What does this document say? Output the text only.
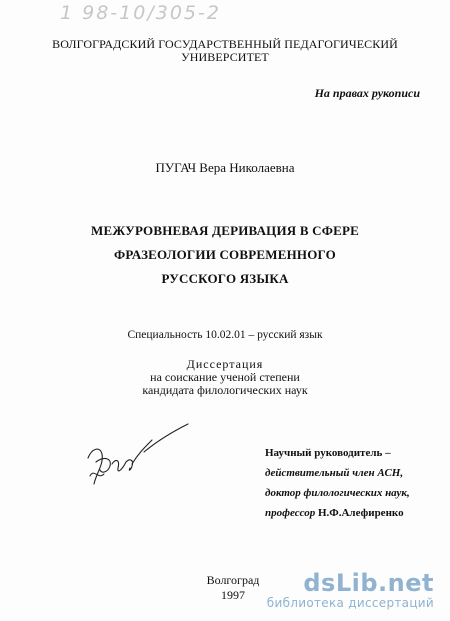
1 98-10/305-2
ВОЛГОГРАДСКИЙ ГОСУДАРСТВЕННЫЙ ПЕДАГОГИЧЕСКИЙ
УНИВЕРСИТЕТ
На правах рукописи
ПУГАЧ Вера Николаевна
МЕЖУРОВНЕВАЯ ДЕРИВАЦИЯ В СФЕРЕ
ФРАЗЕОЛОГИИ СОВРЕМЕННОГО
РУССКОГО ЯЗЫКА
Специальность 10.02.01 – русский язык
Диссертация
на соискание ученой степени
кандидата филологических наук
Научный руководитель –
действительный член АСН,
доктор филологических наук,
профессор Н.Ф.Алефиренко
Волгоград
1997	dsLib.net
библиотека диссертаций
